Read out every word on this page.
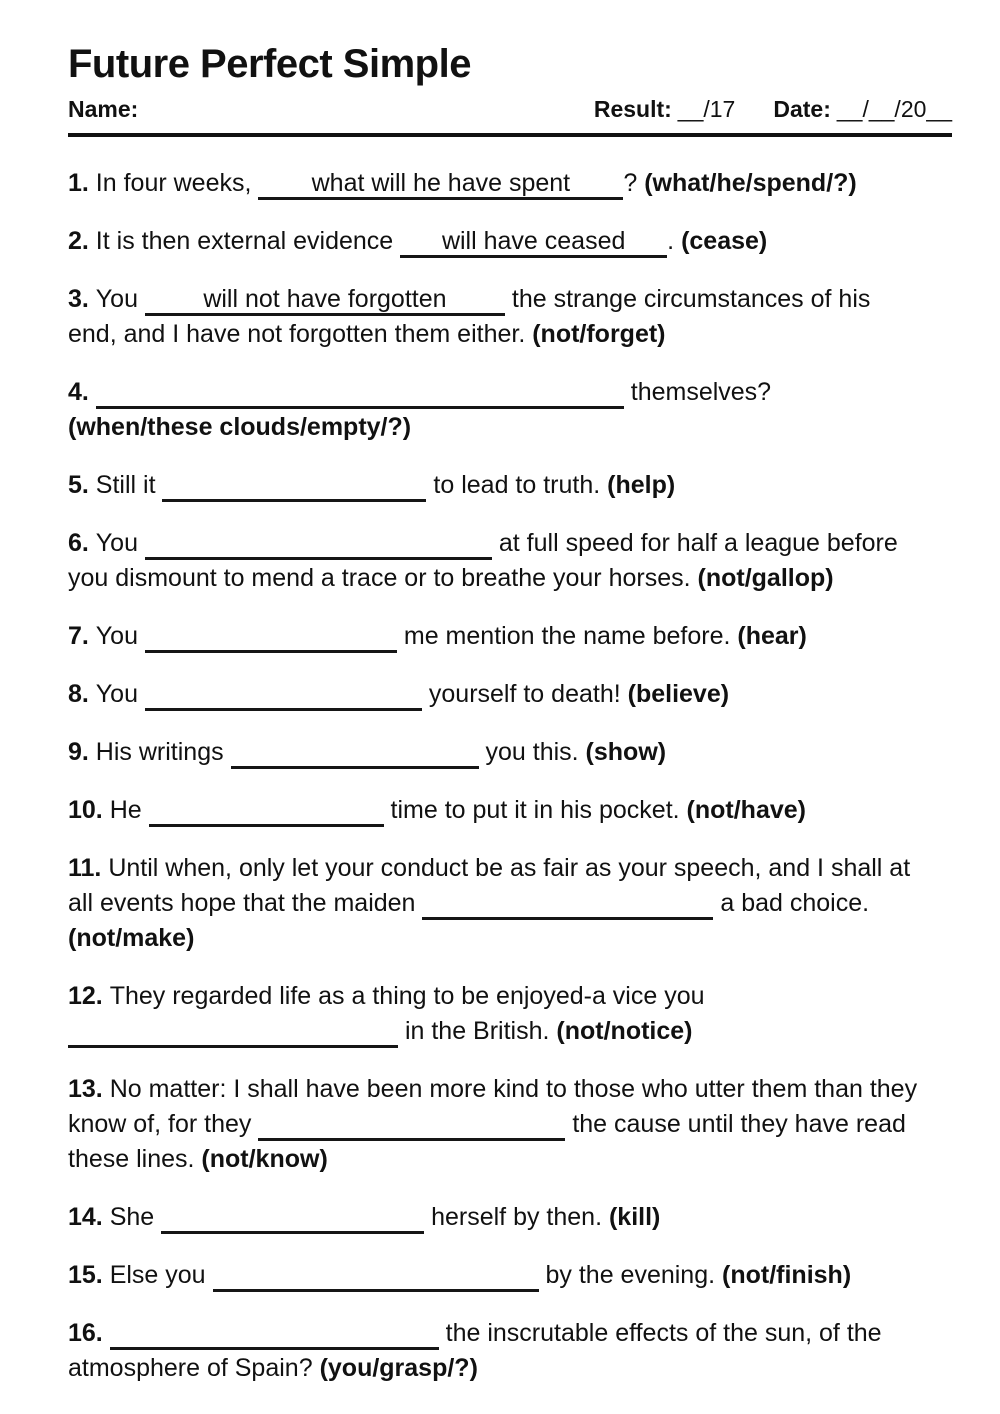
Future Perfect Simple
Name:	Result: __/17 Date: __/__/20__
1. In four weeks, what will he have spent ? (what/he/spend/?)
2. It is then external evidence will have ceased . (cease)
3. You will not have forgotten the strange circumstances of his
end, and I have not forgotten them either. (not/forget)
4.	themselves?
(when/these clouds/empty/?)
5. Still it	to lead to truth. (help)
6. You	at full speed for half a league before
you dismount to mend a trace or to breathe your horses. (not/gallop)
7. You	me mention the name before. (hear)
8. You	yourself to death! (believe)
9. His writings	you this. (show)
10. He	time to put it in his pocket. (not/have)
11. Until when, only let your conduct be as fair as your speech, and I shall at
all events hope that the maiden	a bad choice.
(not/make)
12. They regarded life as a thing to be enjoyed-a vice you
in the British. (not/notice)
13. No matter: I shall have been more kind to those who utter them than they
know of, for they	the cause until they have read
these lines. (not/know)
14. She	herself by then. (kill)
15. Else you	by the evening. (not/finish)
16.	the inscrutable effects of the sun, of the
atmosphere of Spain? (you/grasp/?)
